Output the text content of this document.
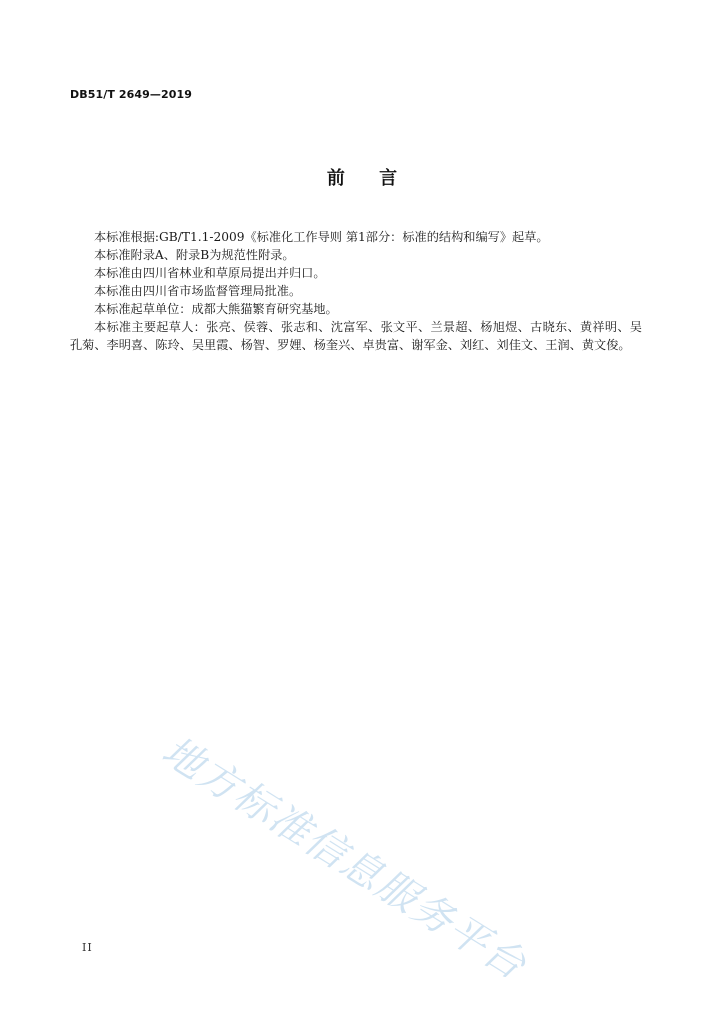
DB51/T 2649—2019
前 言

本标准根据:GB/T1.1-2009《标准化工作导则 第1部分：标准的结构和编写》起草。

本标准附录A、附录B为规范性附录。

本标准由四川省林业和草原局提出并归口。

本标准由四川省市场监督管理局批准。

本标准起草单位：成都大熊猫繁育研究基地。

本标准主要起草人：张亮、侯蓉、张志和、沈富军、张文平、兰景超、杨旭煜、古晓东、黄祥明、吴孔菊、李明喜、陈玲、吴里霞、杨智、罗娌、杨奎兴、卓贵富、谢军金、刘红、刘佳文、王润、黄文俊。

地方标准信息服务平台
II
